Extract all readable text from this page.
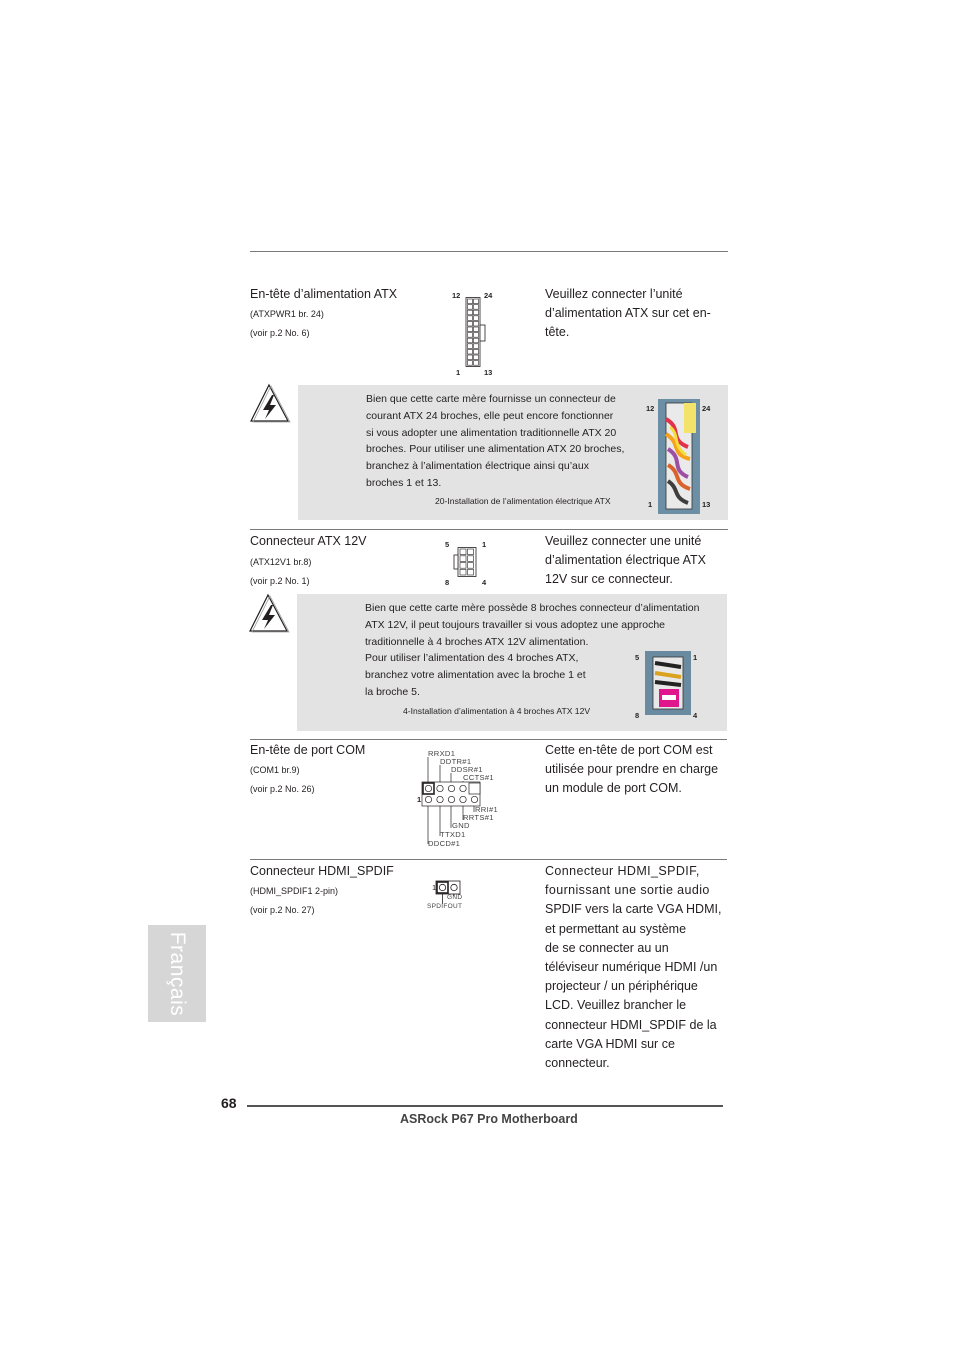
En-tête d’alimentation ATX
(ATXPWR1 br. 24)
(voir p.2 No. 6)
12	24
1	13
Veuillez connecter l’unité
d’alimentation ATX sur cet en-
tête.
Bien que cette carte mère fournisse un connecteur de
courant ATX 24 broches, elle peut encore fonctionner
si vous adopter une alimentation traditionnelle ATX 20
broches. Pour utiliser une alimentation ATX 20 broches,
branchez à l’alimentation électrique ainsi qu’aux
broches 1 et 13.
20-Installation de l’alimentation électrique ATX
12	24
1	13
Connecteur ATX 12V
(ATX12V1 br.8)
(voir p.2 No. 1)
5	1
8	4
Veuillez connecter une unité
d’alimentation électrique ATX
12V sur ce connecteur.
Bien que cette carte mère possède 8 broches connecteur d’alimentation
ATX 12V, il peut toujours travailler si vous adoptez une approche
traditionnelle à 4 broches ATX 12V alimentation.
Pour utiliser l’alimentation des 4 broches ATX,
branchez votre alimentation avec la broche 1 et
la broche 5.
4-Installation d’alimentation à 4 broches ATX 12V
5	1
8	4
En-tête de port COM
(COM1 br.9)
(voir p.2 No. 26)
RRXD1
DDTR#1
DDSR#1
CCTS#1
1
RRI#1
RRTS#1
GND
TTXD1
DDCD#1
Cette en-tête de port COM est
utilisée pour prendre en charge
un module de port COM.
Connecteur HDMI_SPDIF
(HDMI_SPDIF1 2-pin)
(voir p.2 No. 27)
1
GND
SPDIFOUT
Connecteur HDMI_SPDIF,
fournissant une sortie audio
SPDIF vers la carte VGA HDMI,
et permettant au système
de se connecter au un
téléviseur numérique HDMI /un
projecteur / un périphérique
LCD. Veuillez brancher le
connecteur HDMI_SPDIF de la
carte VGA HDMI sur ce
connecteur.
Français
68
ASRock P67 Pro Motherboard
